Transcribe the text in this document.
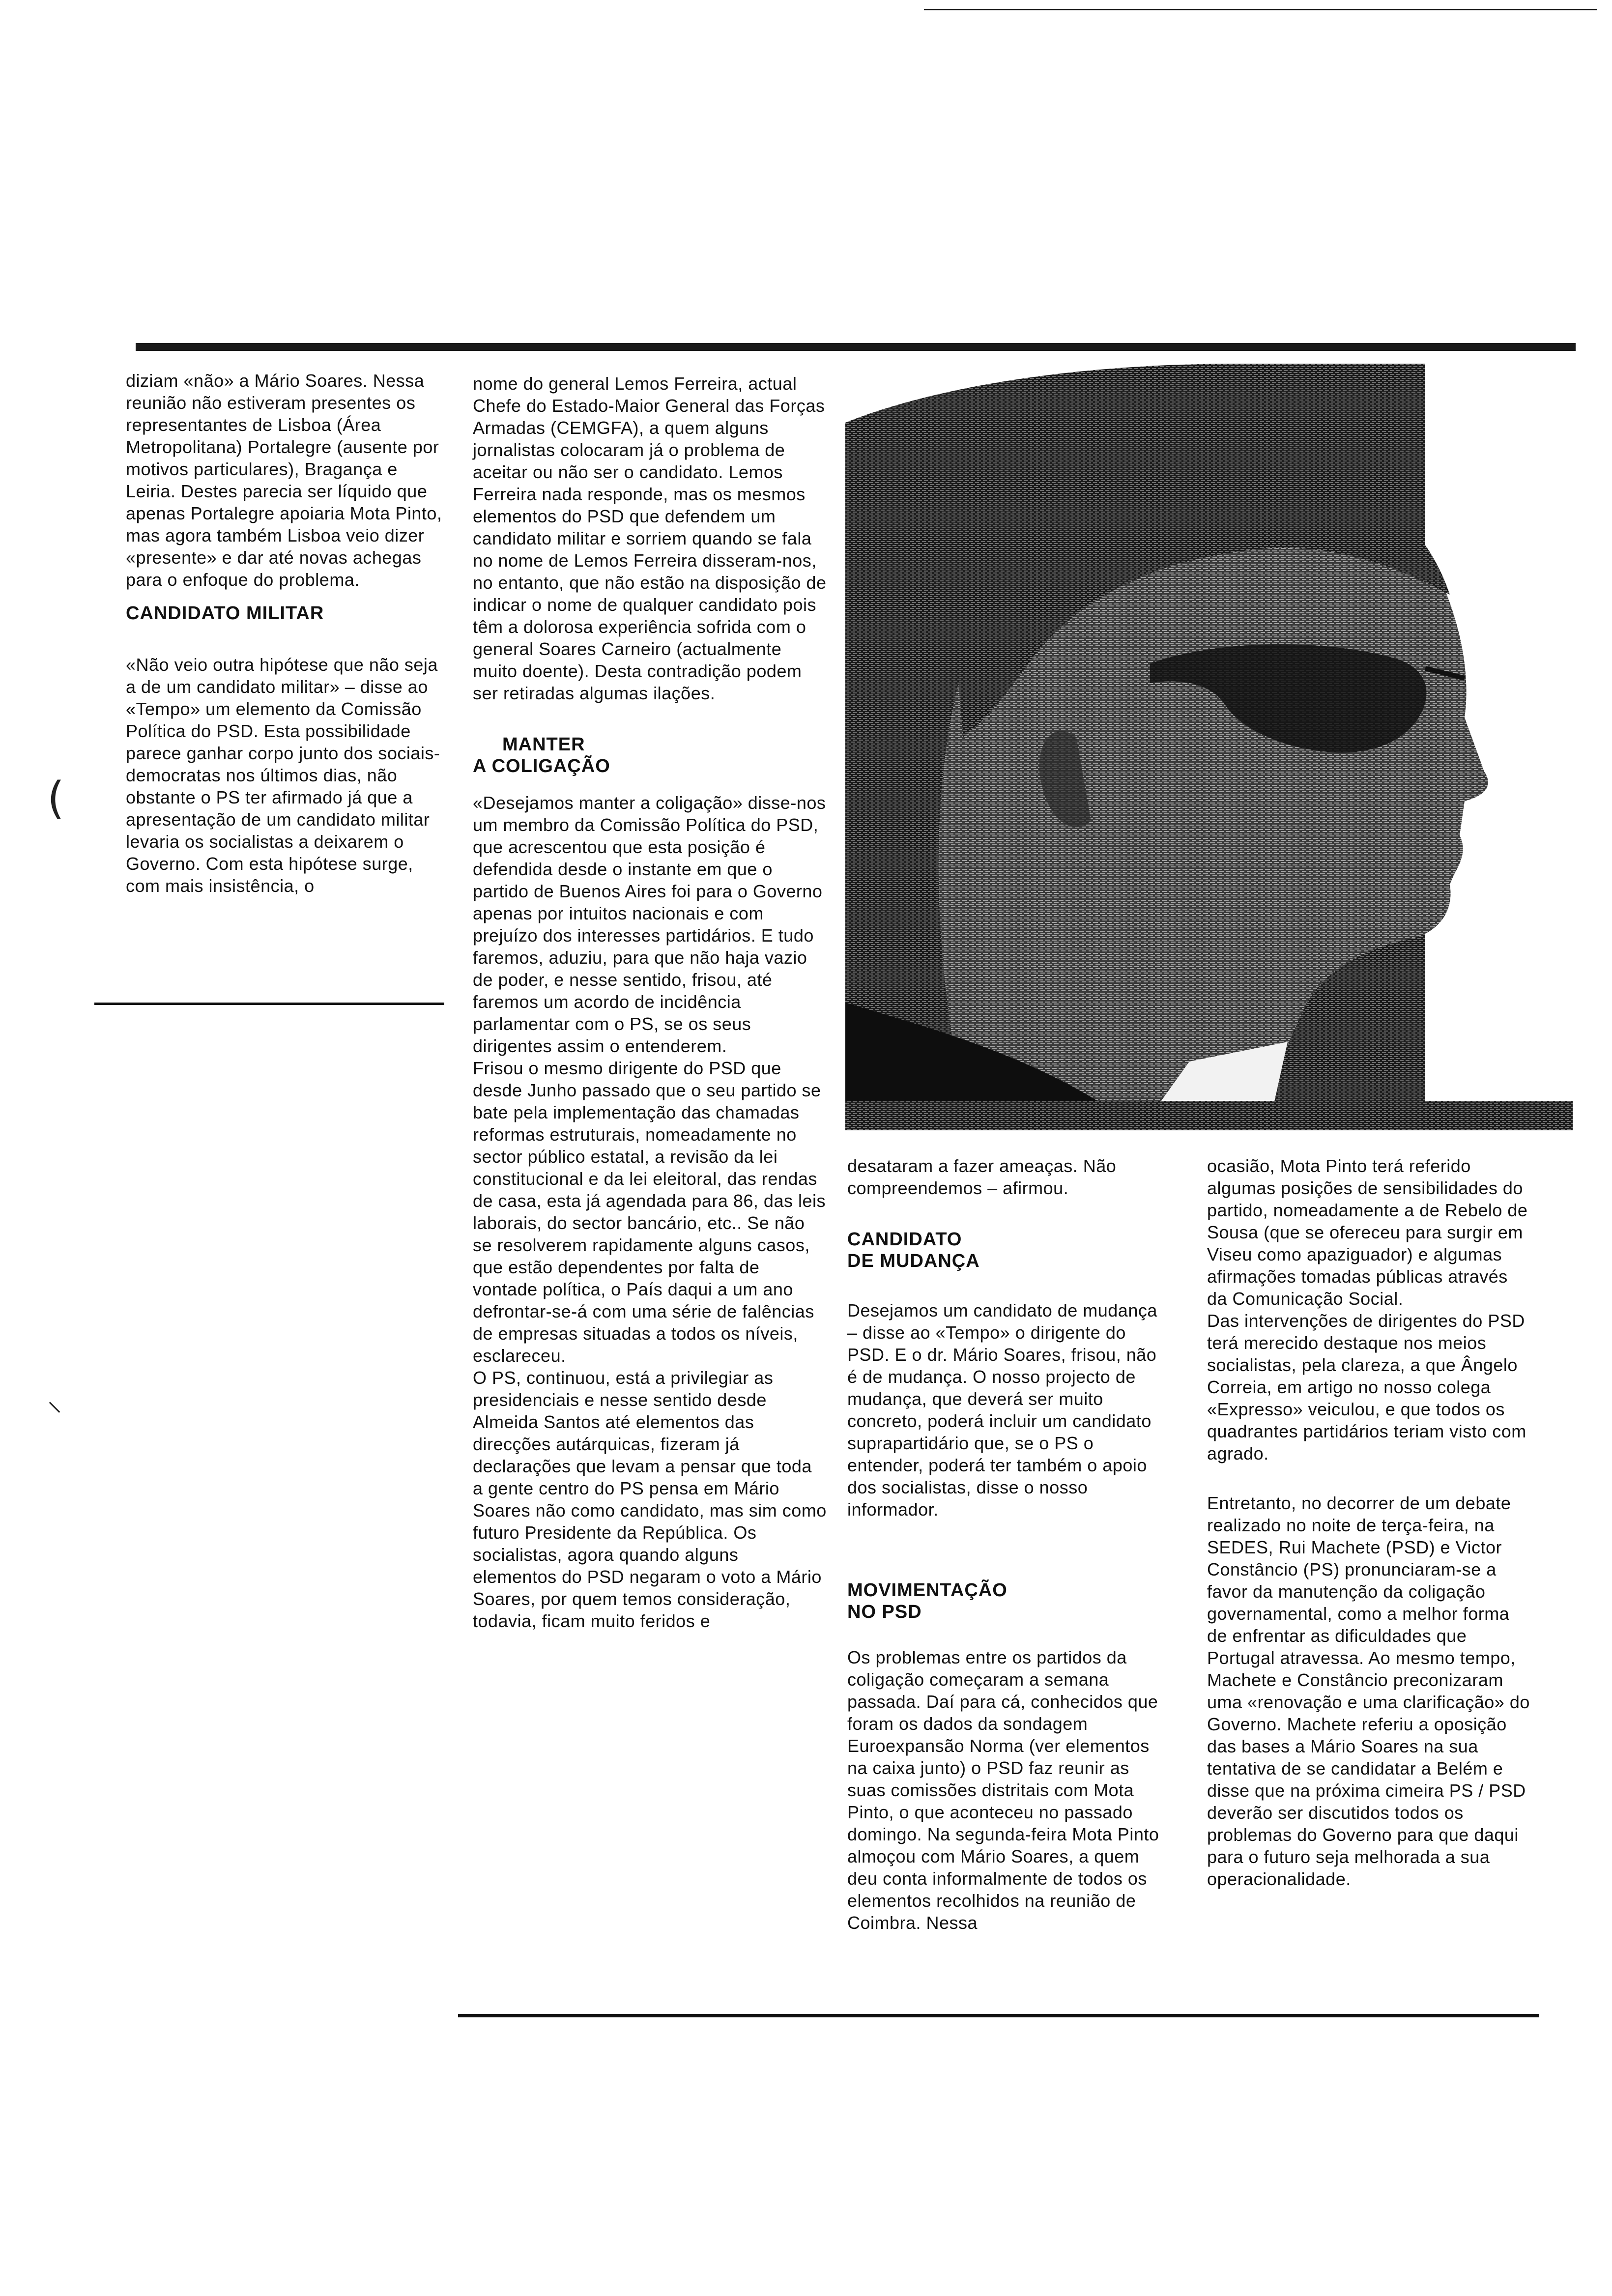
diziam «não» a Mário Soares. Nessa reunião não estiveram presentes os representantes de Lisboa (Área Metropolitana) Portalegre (ausente por motivos particulares), Bragança e Leiria. Destes parecia ser líquido que apenas Portalegre apoiaria Mota Pinto, mas agora também Lisboa veio dizer «presente» e dar até novas achegas para o enfoque do problema.

CANDIDATO MILITAR

«Não veio outra hipótese que não seja a de um candidato militar» – disse ao «Tempo» um elemento da Comissão Política do PSD. Esta possibilidade parece ganhar corpo junto dos sociais-democratas nos últimos dias, não obstante o PS ter afirmado já que a apresentação de um candidato militar levaria os socialistas a deixarem o Governo. Com esta hipótese surge, com mais insistência, o

nome do general Lemos Ferreira, actual Chefe do Estado-Maior General das Forças Armadas (CEMGFA), a quem alguns jornalistas colocaram já o problema de aceitar ou não ser o candidato. Lemos Ferreira nada responde, mas os mesmos elementos do PSD que defendem um candidato militar e sorriem quando se fala no nome de Lemos Ferreira disseram-nos, no entanto, que não estão na disposição de indicar o nome de qualquer candidato pois têm a dolorosa experiência sofrida com o general Soares Carneiro (actualmente muito doente). Desta contradição podem ser retiradas algumas ilações.

MANTER

A COLIGAÇÃO

«Desejamos manter a coligação» disse-nos um membro da Comissão Política do PSD, que acrescentou que esta posição é defendida desde o instante em que o partido de Buenos Aires foi para o Governo apenas por intuitos nacionais e com prejuízo dos interesses partidários. E tudo faremos, aduziu, para que não haja vazio de poder, e nesse sentido, frisou, até faremos um acordo de incidência parlamentar com o PS, se os seus dirigentes assim o entenderem.

Frisou o mesmo dirigente do PSD que desde Junho passado que o seu partido se bate pela implementação das chamadas reformas estruturais, nomeadamente no sector público estatal, a revisão da lei constitucional e da lei eleitoral, das rendas de casa, esta já agendada para 86, das leis laborais, do sector bancário, etc.. Se não se resolverem rapidamente alguns casos, que estão dependentes por falta de vontade política, o País daqui a um ano defrontar-se-á com uma série de falências de empresas situadas a todos os níveis, esclareceu.

O PS, continuou, está a privilegiar as presidenciais e nesse sentido desde Almeida Santos até elementos das direcções autárquicas, fizeram já declarações que levam a pensar que toda a gente centro do PS pensa em Mário Soares não como candidato, mas sim como futuro Presidente da República. Os socialistas, agora quando alguns elementos do PSD negaram o voto a Mário Soares, por quem temos consideração, todavia, ficam muito feridos e

desataram a fazer ameaças. Não compreendemos – afirmou.

CANDIDATO

DE MUDANÇA

Desejamos um candidato de mudança – disse ao «Tempo» o dirigente do PSD. E o dr. Mário Soares, frisou, não é de mudança. O nosso projecto de mudança, que deverá ser muito concreto, poderá incluir um candidato suprapartidário que, se o PS o entender, poderá ter também o apoio dos socialistas, disse o nosso informador.

MOVIMENTAÇÃO

NO PSD

Os problemas entre os partidos da coligação começaram a semana passada. Daí para cá, conhecidos que foram os dados da sondagem Euroexpansão Norma (ver elementos na caixa junto) o PSD faz reunir as suas comissões distritais com Mota Pinto, o que aconteceu no passado domingo. Na segunda-feira Mota Pinto almoçou com Mário Soares, a quem deu conta informalmente de todos os elementos recolhidos na reunião de Coimbra. Nessa

ocasião, Mota Pinto terá referido algumas posições de sensibilidades do partido, nomeadamente a de Rebelo de Sousa (que se ofereceu para surgir em Viseu como apaziguador) e algumas afirmações tomadas públicas através da Comunicação Social.

Das intervenções de dirigentes do PSD terá merecido destaque nos meios socialistas, pela clareza, a que Ângelo Correia, em artigo no nosso colega «Expresso» veiculou, e que todos os quadrantes partidários teriam visto com agrado.

Entretanto, no decorrer de um debate realizado no noite de terça-feira, na SEDES, Rui Machete (PSD) e Victor Constâncio (PS) pronunciaram-se a favor da manutenção da coligação governamental, como a melhor forma de enfrentar as dificuldades que Portugal atravessa. Ao mesmo tempo, Machete e Constâncio preconizaram uma «renovação e uma clarificação» do Governo. Machete referiu a oposição das bases a Mário Soares na sua tentativa de se candidatar a Belém e disse que na próxima cimeira PS / PSD deverão ser discutidos todos os problemas do Governo para que daqui para o futuro seja melhorada a sua operacionalidade.

(
⸜
